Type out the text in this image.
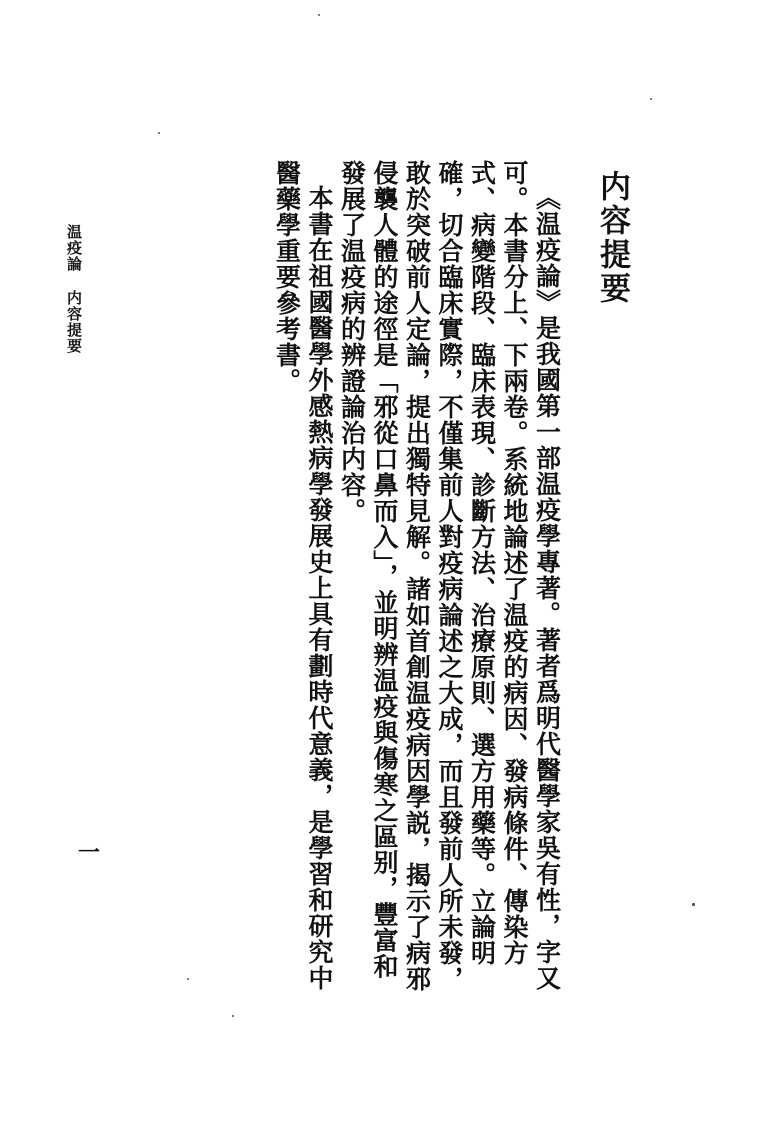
内容提要

《温疫論》是我國第一部温疫學專著。著者爲明代醫學家吳有性，字又可。本書分上、下兩卷。系統地論述了温疫的病因、發病條件、傳染方式、病變階段、臨床表現、診斷方法、治療原則、選方用藥等。立論明確，切合臨床實際，不僅集前人對疫病論述之大成，而且發前人所未發，敢於突破前人定論，提出獨特見解。諸如首創温疫病因學説，揭示了病邪侵襲人體的途徑是「邪從口鼻而入」，並明辨温疫與傷寒之區别，豐富和發展了温疫病的辨證論治内容。

本書在祖國醫學外感熱病學發展史上具有劃時代意義，是學習和研究中醫藥學重要參考書。

温疫論内容提要
一
